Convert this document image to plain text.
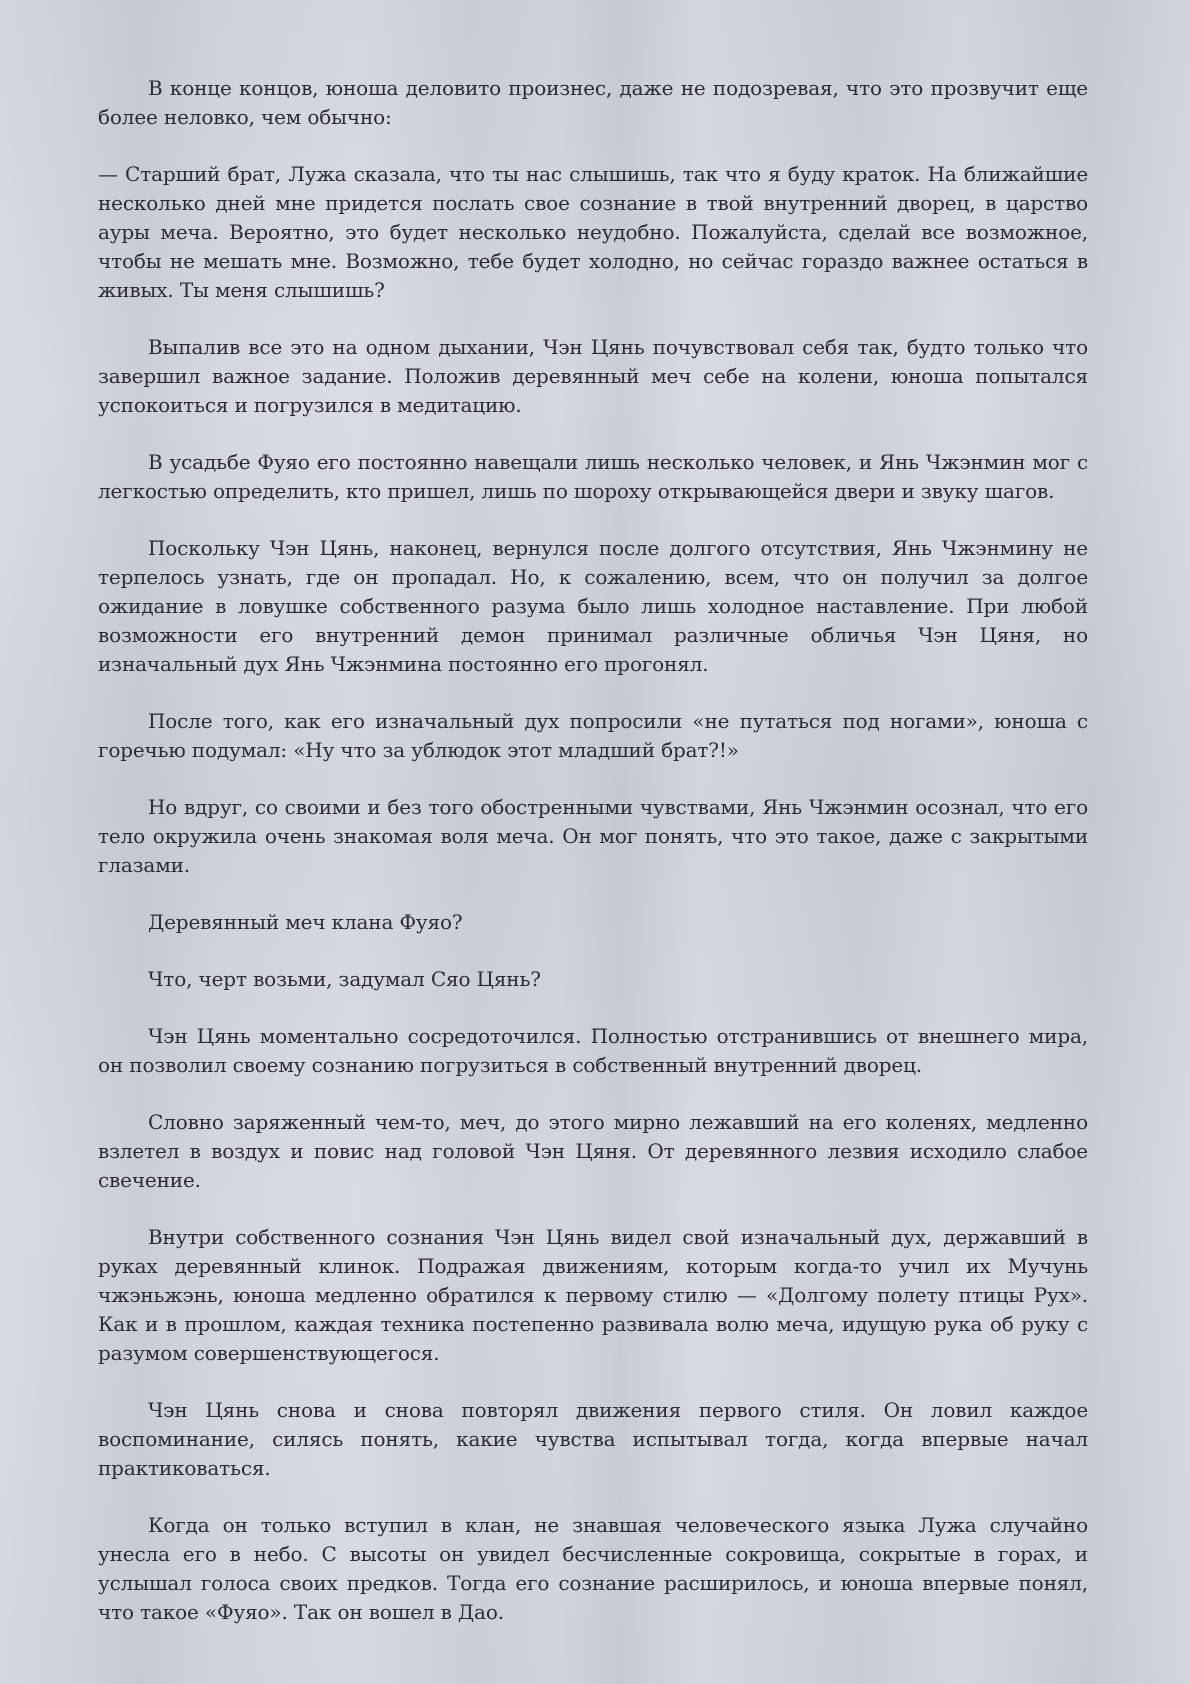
В конце концов, юноша деловито произнес, даже не подозревая, что это прозвучит еще более неловко, чем обычно:

— Старший брат, Лужа сказала, что ты нас слышишь, так что я буду краток. На ближайшие несколько дней мне придется послать свое сознание в твой внутренний дворец, в царство ауры меча. Вероятно, это будет несколько неудобно. Пожалуйста, сделай все возможное, чтобы не мешать мне. Возможно, тебе будет холодно, но сейчас гораздо важнее остаться в живых. Ты меня слышишь?

Выпалив все это на одном дыхании, Чэн Цянь почувствовал себя так, будто только что завершил важное задание. Положив деревянный меч себе на колени, юноша попытался успокоиться и погрузился в медитацию.

В усадьбе Фуяо его постоянно навещали лишь несколько человек, и Янь Чжэнмин мог с легкостью определить, кто пришел, лишь по шороху открывающейся двери и звуку шагов.

Поскольку Чэн Цянь, наконец, вернулся после долгого отсутствия, Янь Чжэнмину не терпелось узнать, где он пропадал. Но, к сожалению, всем, что он получил за долгое ожидание в ловушке собственного разума было лишь холодное наставление. При любой возможности его внутренний демон принимал различные обличья Чэн Цяня, но изначальный дух Янь Чжэнмина постоянно его прогонял.

После того, как его изначальный дух попросили «не путаться под ногами», юноша с горечью подумал: «Ну что за ублюдок этот младший брат?!»

Но вдруг, со своими и без того обостренными чувствами, Янь Чжэнмин осознал, что его тело окружила очень знакомая воля меча. Он мог понять, что это такое, даже с закрытыми глазами.

Деревянный меч клана Фуяо?

Что, черт возьми, задумал Сяо Цянь?

Чэн Цянь моментально сосредоточился. Полностью отстранившись от внешнего мира, он позволил своему сознанию погрузиться в собственный внутренний дворец.

Словно заряженный чем-то, меч, до этого мирно лежавший на его коленях, медленно взлетел в воздух и повис над головой Чэн Цяня. От деревянного лезвия исходило слабое свечение.

Внутри собственного сознания Чэн Цянь видел свой изначальный дух, державший в руках деревянный клинок. Подражая движениям, которым когда-то учил их Мучунь чжэньжэнь, юноша медленно обратился к первому стилю — «Долгому полету птицы Рух». Как и в прошлом, каждая техника постепенно развивала волю меча, идущую рука об руку с разумом совершенствующегося.

Чэн Цянь снова и снова повторял движения первого стиля. Он ловил каждое воспоминание, силясь понять, какие чувства испытывал тогда, когда впервые начал практиковаться.

Когда он только вступил в клан, не знавшая человеческого языка Лужа случайно унесла его в небо. С высоты он увидел бесчисленные сокровища, сокрытые в горах, и услышал голоса своих предков. Тогда его сознание расширилось, и юноша впервые понял, что такое «Фуяо». Так он вошел в Дао.
